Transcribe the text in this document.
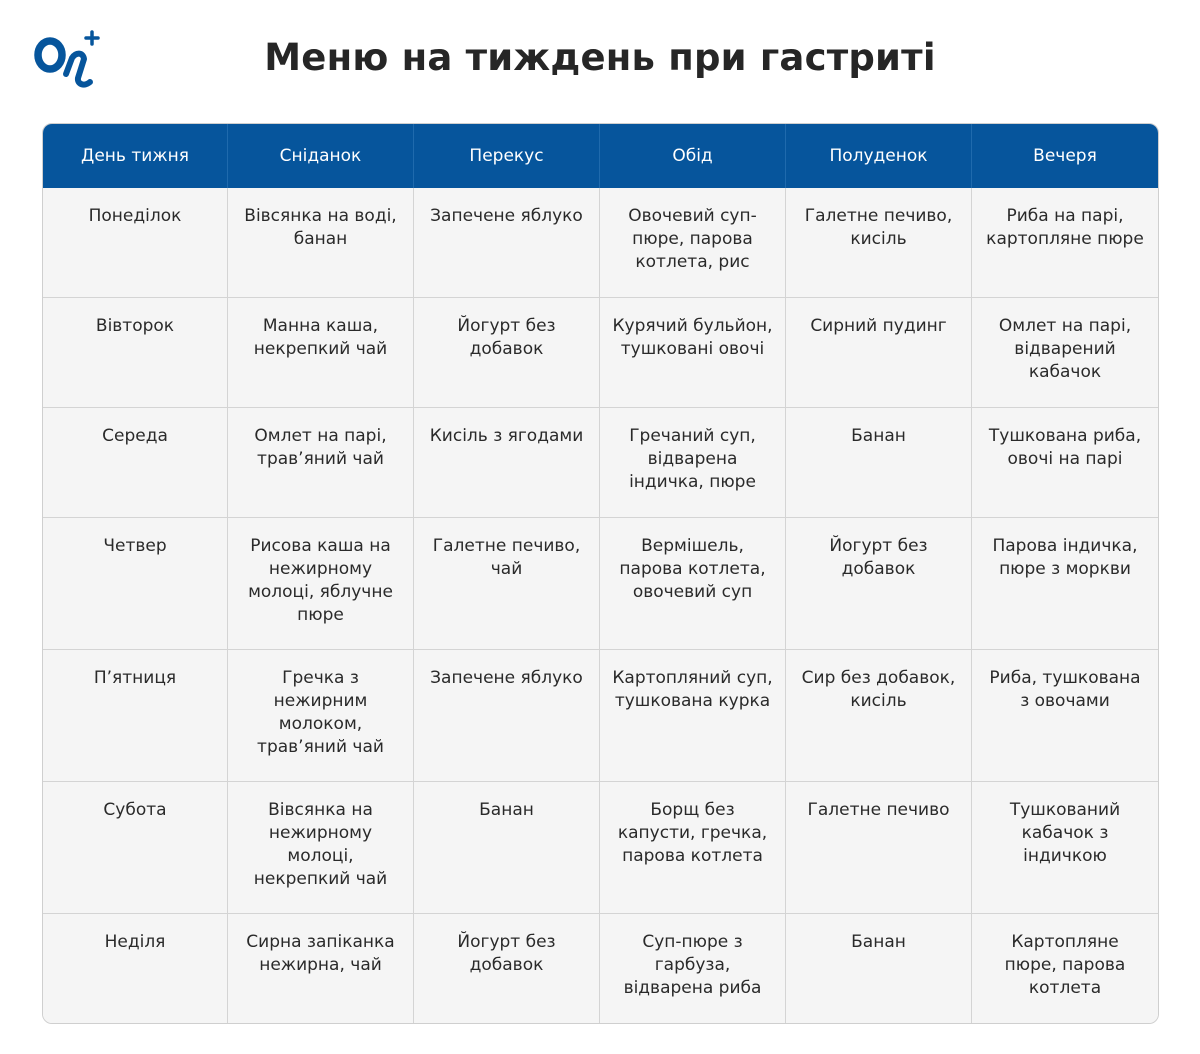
Меню на тиждень при гастриті
День тижня	Сніданок	Перекус	Обід	Полуденок	Вечеря
Понеділок	Вівсянка на воді, банан	Запечене яблуко	Овочевий суп-пюре, парова котлета, рис	Галетне печиво, кисіль	Риба на парі, картопляне пюре
Вівторок	Манна каша, некрепкий чай	Йогурт без добавок	Курячий бульйон, тушковані овочі	Сирний пудинг	Омлет на парі, відварений кабачок
Середа	Омлет на парі, трав’яний чай	Кисіль з ягодами	Гречаний суп, відварена індичка, пюре	Банан	Тушкована риба, овочі на парі
Четвер	Рисова каша на нежирному молоці, яблучне пюре	Галетне печиво, чай	Вермішель, парова котлета, овочевий суп	Йогурт без добавок	Парова індичка, пюре з моркви
П’ятниця	Гречка з нежирним молоком, трав’яний чай	Запечене яблуко	Картопляний суп, тушкована курка	Сир без добавок, кисіль	Риба, тушкована з овочами
Субота	Вівсянка на нежирному молоці, некрепкий чай	Банан	Борщ без капусти, гречка, парова котлета	Галетне печиво	Тушкований кабачок з індичкою
Неділя	Сирна запіканка нежирна, чай	Йогурт без добавок	Суп-пюре з гарбуза, відварена риба	Банан	Картопляне пюре, парова котлета
